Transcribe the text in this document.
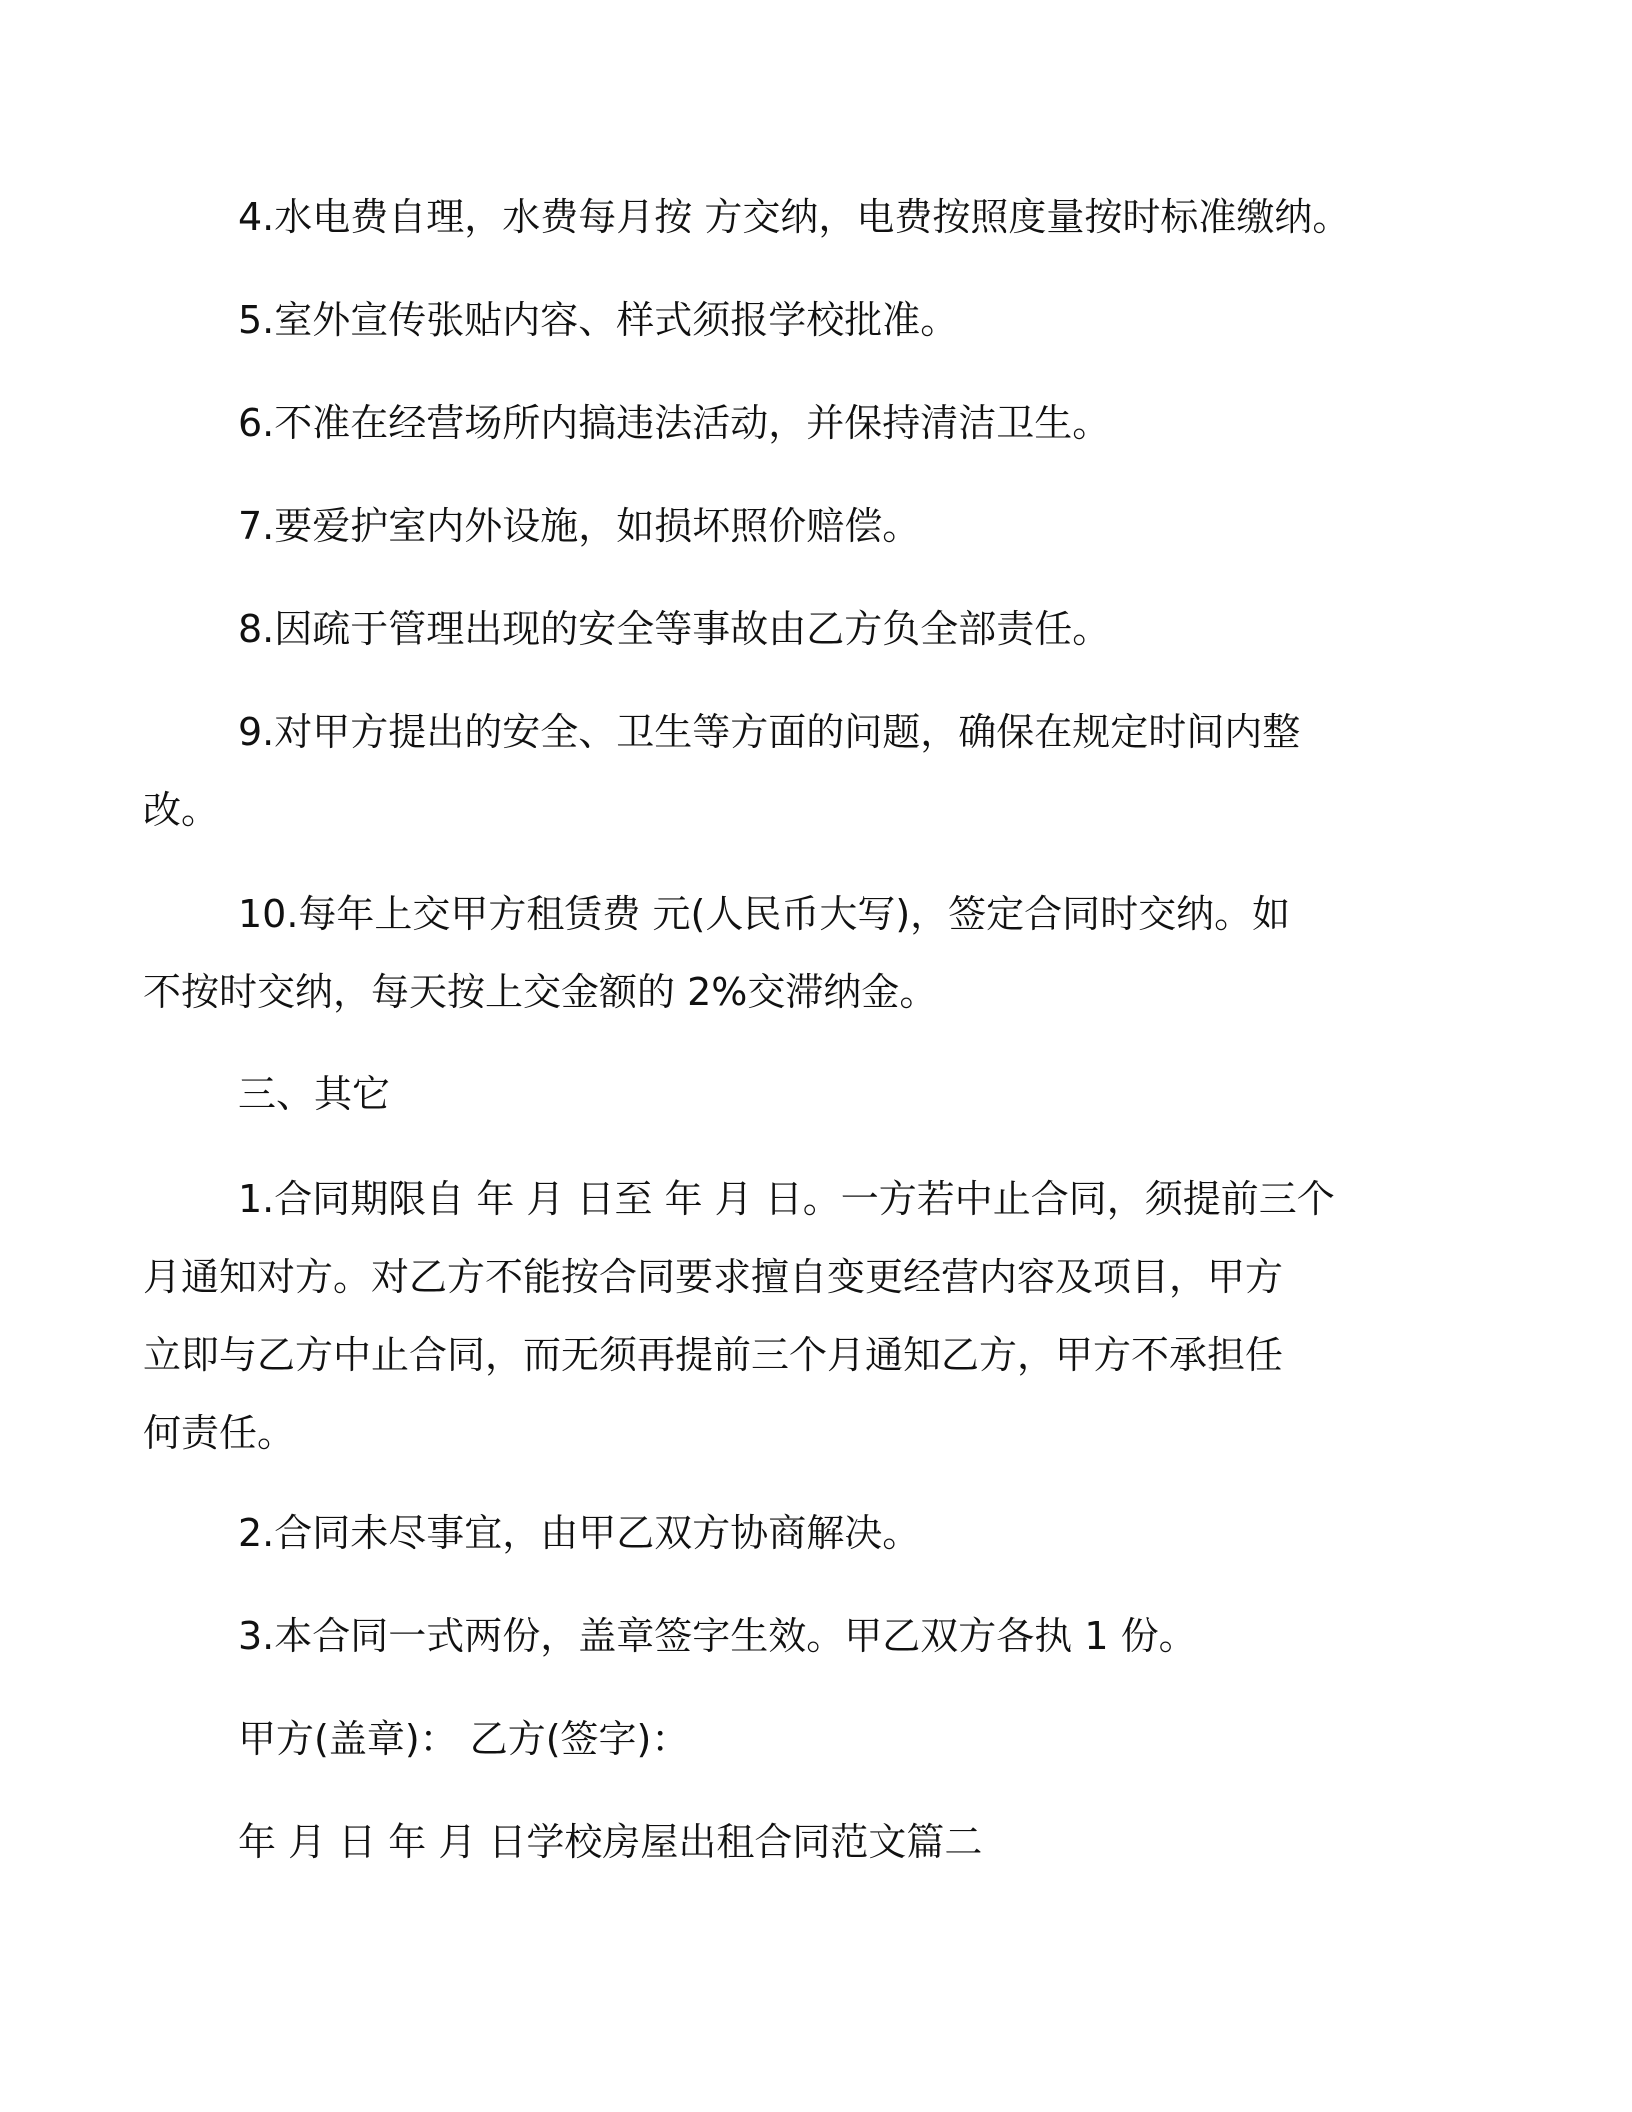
4.水电费自理，水费每月按 方交纳，电费按照度量按时标准缴纳。

5.室外宣传张贴内容、样式须报学校批准。

6.不准在经营场所内搞违法活动，并保持清洁卫生。

7.要爱护室内外设施，如损坏照价赔偿。

8.因疏于管理出现的安全等事故由乙方负全部责任。

9.对甲方提出的安全、卫生等方面的问题，确保在规定时间内整
改。

10.每年上交甲方租赁费 元(人民币大写)，签定合同时交纳。如
不按时交纳，每天按上交金额的 2%交滞纳金。

三、其它

1.合同期限自 年 月 日至 年 月 日。一方若中止合同，须提前三个
月通知对方。对乙方不能按合同要求擅自变更经营内容及项目，甲方
立即与乙方中止合同，而无须再提前三个月通知乙方，甲方不承担任
何责任。

2.合同未尽事宜，由甲乙双方协商解决。

3.本合同一式两份，盖章签字生效。甲乙双方各执 1 份。

甲方(盖章)： 乙方(签字)：

年 月 日 年 月 日学校房屋出租合同范文篇二
